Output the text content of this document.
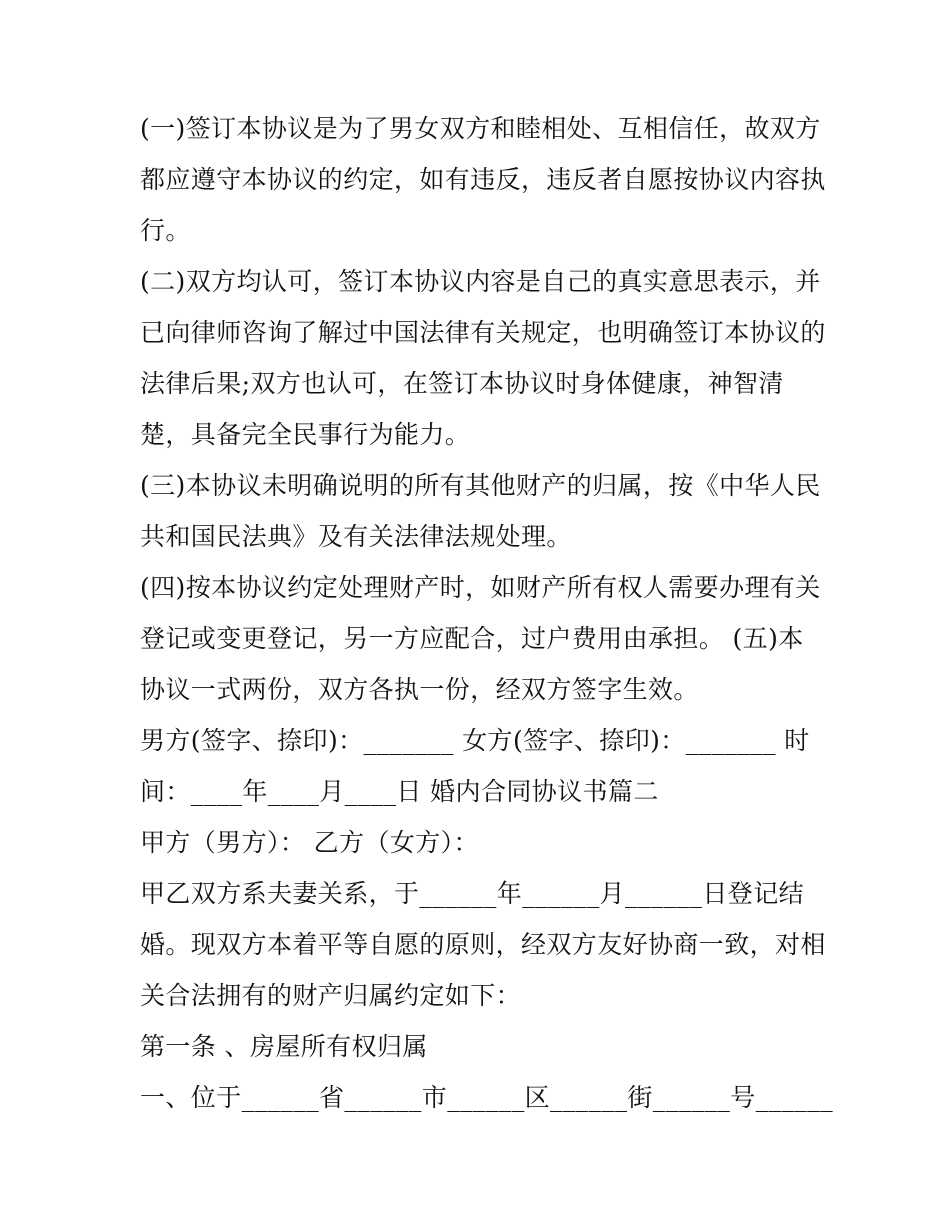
(一)签订本协议是为了男女双方和睦相处、互相信任，故双方
都应遵守本协议的约定，如有违反，违反者自愿按协议内容执
行。
(二)双方均认可，签订本协议内容是自己的真实意思表示，并
已向律师咨询了解过中国法律有关规定，也明确签订本协议的
法律后果;双方也认可，在签订本协议时身体健康，神智清
楚，具备完全民事行为能力。
(三)本协议未明确说明的所有其他财产的归属，按《中华人民
共和国民法典》及有关法律法规处理。
(四)按本协议约定处理财产时，如财产所有权人需要办理有关
登记或变更登记，另一方应配合，过户费用由承担。 (五)本
协议一式两份，双方各执一份，经双方签字生效。
男方(签字、捺印)：_______ 女方(签字、捺印)：_______ 时
间：____年____月____日 婚内合同协议书篇二
甲方（男方）： 乙方（女方）：
甲乙双方系夫妻关系，于______年______月______日登记结
婚。现双方本着平等自愿的原则，经双方友好协商一致，对相
关合法拥有的财产归属约定如下：
第一条 、房屋所有权归属
一、位于______省______市______区______街______号______
